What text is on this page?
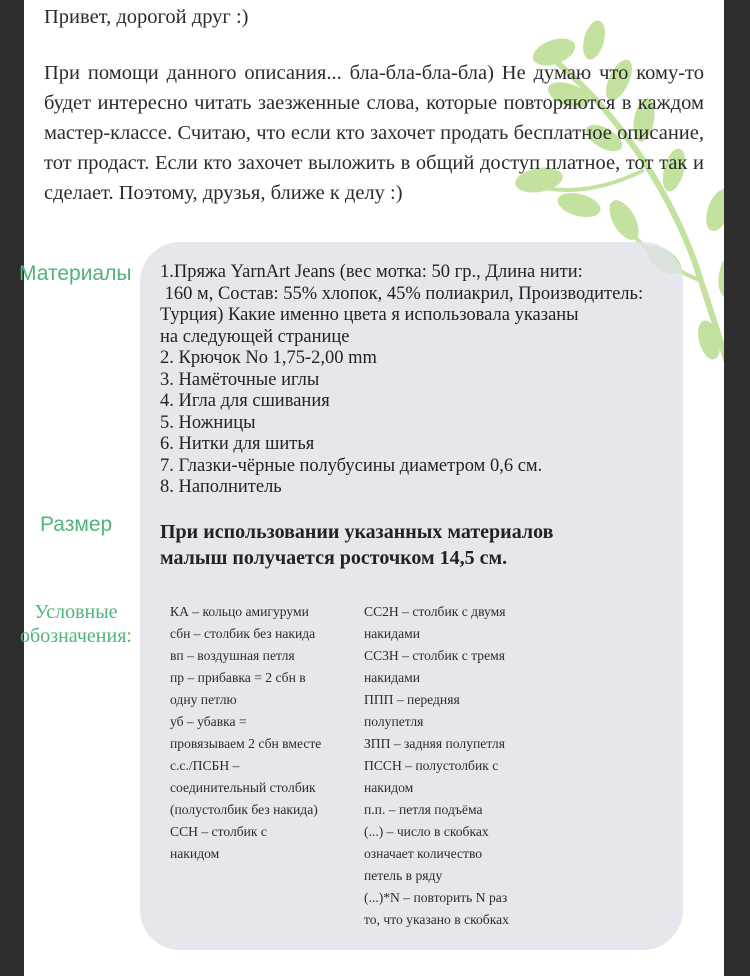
Привет, дорогой друг :)

При помощи данного описания... бла-бла-бла-бла) Не думаю что кому-то будет интересно читать заезженные слова, которые повторяются в каждом мастер-классе. Считаю, что если кто захочет продать бесплатное описание, тот продаст. Если кто захочет выложить в общий доступ платное, тот так и сделает. Поэтому, друзья, ближе к делу :)

Материалы 1.Пряжа YarnArt Jeans (вес мотка: 50 гр., Длина нити:
160 м, Состав: 55% хлопок, 45% полиакрил, Производитель:
Турция) Какие именно цвета я использовала указаны
на следующей странице
2. Крючок No 1,75-2,00 mm
3. Намёточные иглы
4. Игла для сшивания
5. Ножницы
6. Нитки для шитья
7. Глазки-чёрные полубусины диаметром 0,6 см.
8. Наполнитель
Размер При использовании указанных материалов
малыш получается росточком 14,5 см.
Условные
обозначения:
КА – кольцо амигуруми
сбн – столбик без накида
вп – воздушная петля
пр – прибавка = 2 сбн в
одну петлю
уб – убавка =
провязываем 2 сбн вместе
с.с./ПСБН –
соединительный столбик
(полустолбик без накида)
ССН – столбик с
накидом
СС2Н – столбик с двумя
накидами
СС3Н – столбик с тремя
накидами
ППП – передняя
полупетля
ЗПП – задняя полупетля
ПССН – полустолбик с
накидом
п.п. – петля подъёма
(...) – число в скобках
означает количество
петель в ряду
(...)*N – повторить N раз
то, что указано в скобках
